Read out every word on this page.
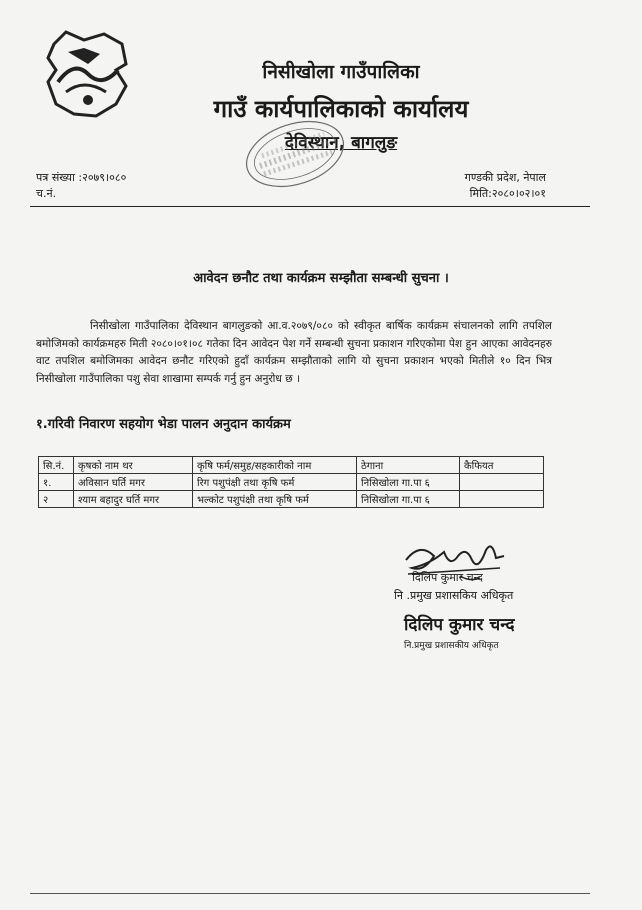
निसीखोला गाउँपालिका
गाउँ कार्यपालिकाको कार्यालय
देविस्थान, बागलुङ
पत्र संख्या :२०७९।०८०
च.नं.
गण्डकी प्रदेश, नेपाल
मिति:२०८०।०२।०१
आवेदन छनौट तथा कार्यक्रम सम्झौता सम्बन्धी सुचना ।
निसीखोला गाउँपालिका देविस्थान बागलुङको आ.व.२०७९/०८० को स्वीकृत बार्षिक कार्यक्रम संचालनको लागि तपशिल बमोजिमको कार्यक्रमहरु मिती २०८०।०१।०८ गतेका दिन आवेदन पेश गर्ने सम्बन्धी सुचना प्रकाशन गरिएकोमा पेश हुन आएका आवेदनहरु वाट तपशिल बमोजिमका आवेदन छनौट गरिएको हुदाँ कार्यक्रम सम्झौताको लागि यो सुचना प्रकाशन भएको मितीले १० दिन भित्र निसीखोला गाउँपालिका पशु सेवा शाखामा सम्पर्क गर्नु हुन अनुरोध छ ।
१.गरिवी निवारण सहयोग भेडा पालन अनुदान कार्यक्रम
सि.नं.	कृषको नाम थर	कृषि फर्म/समुह/सहकारीको नाम	ठेगाना	कैफियत
१.	अविसान घर्ति मगर	रिग पशुपंक्षी तथा कृषि फर्म	निसिखोला गा.पा ६	
२	श्याम बहादुर घर्ति मगर	भल्कोट पशुपंक्षी तथा कृषि फर्म	निसिखोला गा.पा ६	
दिलिप कुमार चन्द
नि .प्रमुख प्रशासकिय अधिकृत
दिलिप कुमार चन्द
नि.प्रमुख प्रशासकीय अधिकृत
